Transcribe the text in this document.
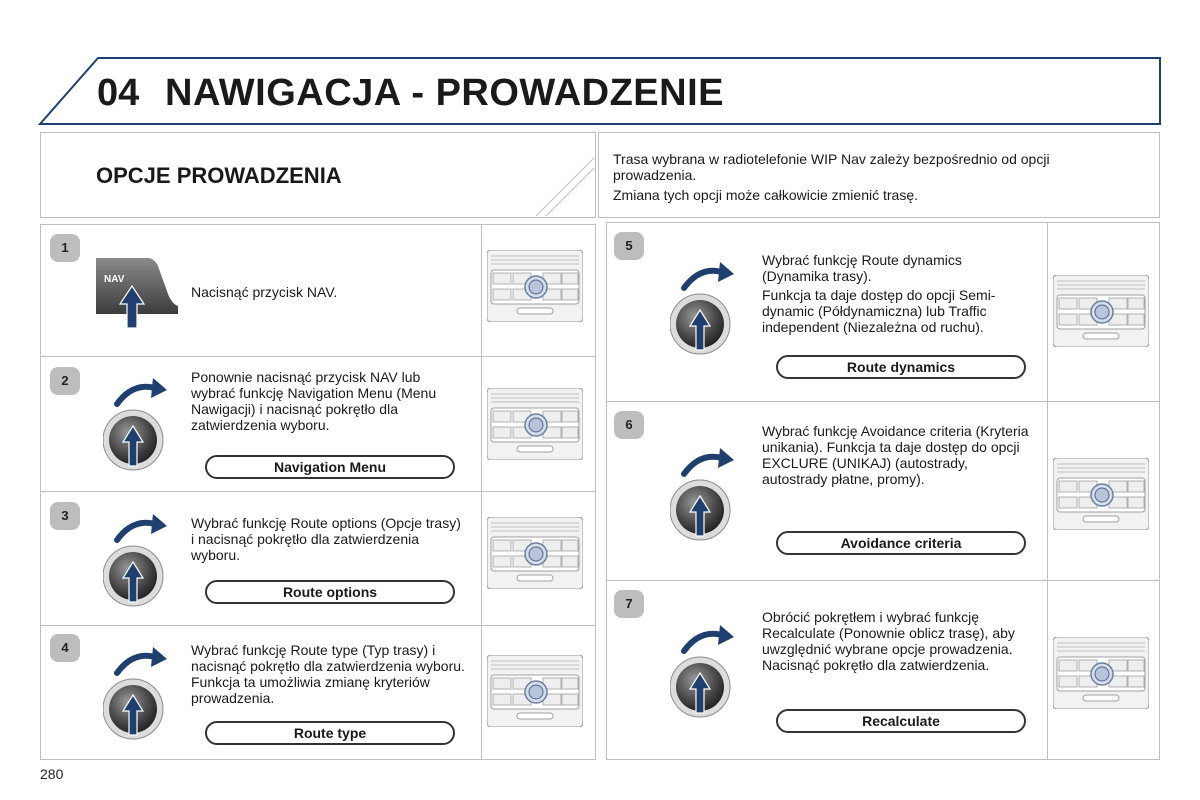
04 NAWIGACJA - PROWADZENIE
OPCJE PROWADZENIA

Trasa wybrana w radiotelefonie WIP Nav zależy bezpośrednio od opcji prowadzenia.

Zmiana tych opcji może całkowicie zmienić trasę.

1
NAV

Nacisnąć przycisk NAV.

2	Ponownie nacisnąć przycisk NAV lub wybrać funkcję Navigation Menu (Menu Nawigacji) i nacisnąć pokrętło dla zatwierdzenia wyboru.

Navigation Menu
3	Wybrać funkcję Route options (Opcje trasy) i nacisnąć pokrętło dla zatwierdzenia wyboru.

Route options
4	Wybrać funkcję Route type (Typ trasy) i nacisnąć pokrętło dla zatwierdzenia wyboru. Funkcja ta umożliwia zmianę kryteriów prowadzenia.

Route type
5

Wybrać funkcję Route dynamics (Dynamika trasy).

Funkcja ta daje dostęp do opcji Semi-dynamic (Półdynamiczna) lub Traffic independent (Niezależna od ruchu).

Route dynamics
6	Wybrać funkcję Avoidance criteria (Kryteria unikania). Funkcja ta daje dostęp do opcji EXCLURE (UNIKAJ) (autostrady, autostrady płatne, promy).

Avoidance criteria
7

Obrócić pokrętłem i wybrać funkcję Recalculate (Ponownie oblicz trasę), aby uwzględnić wybrane opcje prowadzenia. Nacisnąć pokrętło dla zatwierdzenia.

Recalculate
280
